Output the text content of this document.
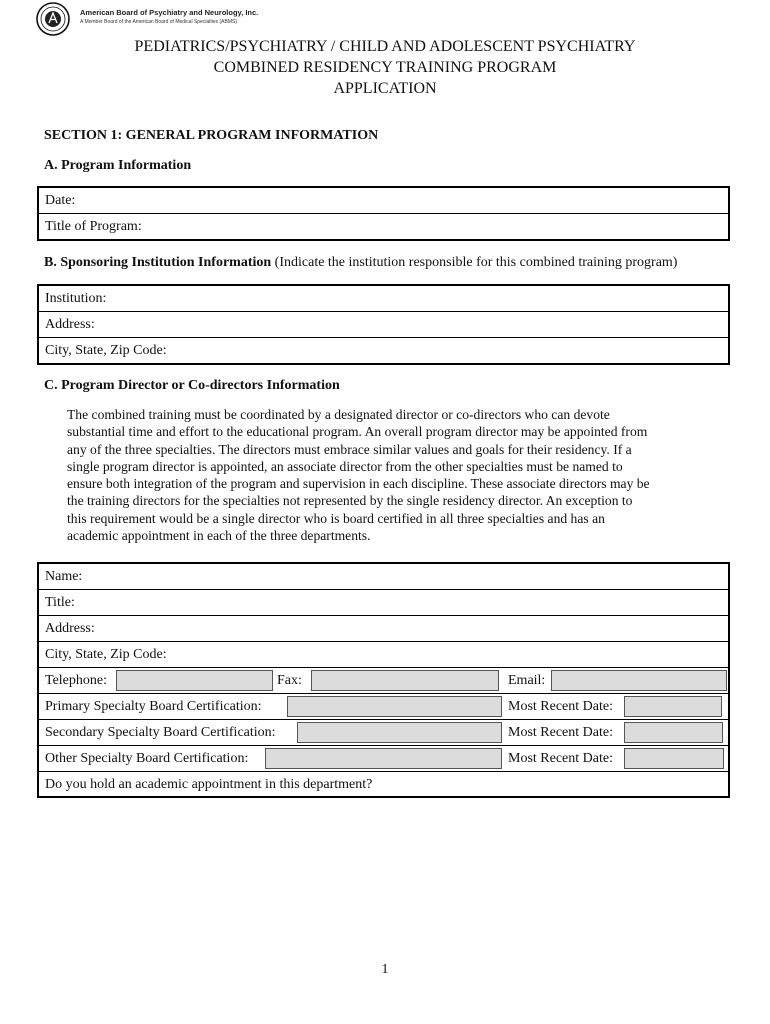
American Board of Psychiatry and Neurology, Inc.
A Member Board of the American Board of Medical Specialties (ABMS)
PEDIATRICS/PSYCHIATRY / CHILD AND ADOLESCENT PSYCHIATRY
COMBINED RESIDENCY TRAINING PROGRAM
APPLICATION
SECTION 1: GENERAL PROGRAM INFORMATION
A. Program Information
Date:
Title of Program:
B. Sponsoring Institution Information (Indicate the institution responsible for this combined training program)
Institution:
Address:
City, State, Zip Code:
C. Program Director or Co-directors Information
The combined training must be coordinated by a designated director or co-directors who can devote
substantial time and effort to the educational program. An overall program director may be appointed from
any of the three specialties. The directors must embrace similar values and goals for their residency. If a
single program director is appointed, an associate director from the other specialties must be named to
ensure both integration of the program and supervision in each discipline. These associate directors may be
the training directors for the specialties not represented by the single residency director. An exception to
this requirement would be a single director who is board certified in all three specialties and has an
academic appointment in each of the three departments.
Name:
Title:
Address:
City, State, Zip Code:
Telephone:	Fax:	Email:
Primary Specialty Board Certification:	Most Recent Date:
Secondary Specialty Board Certification:	Most Recent Date:
Other Specialty Board Certification:	Most Recent Date:
Do you hold an academic appointment in this department?
1
